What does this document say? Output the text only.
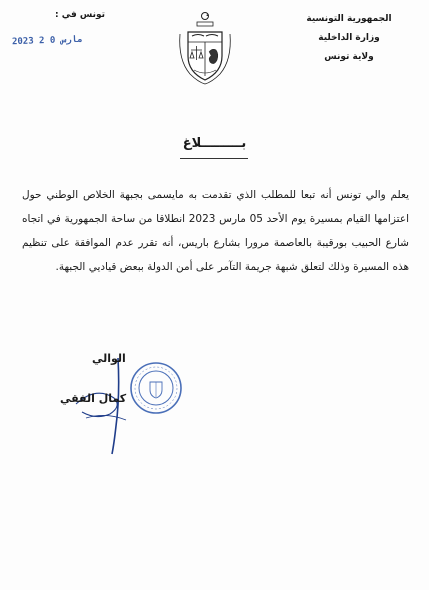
الجمهورية التونسية
وزارة الداخلية
ولاية تونس
تونس في :
2023 مارس 0 2
بـــــــــلاغ
يعلم والي تونس أنه تبعا للمطلب الذي تقدمت به مايسمى بجبهة الخلاص الوطني حول اعتزامها القيام بمسيرة يوم الأحد 05 مارس 2023 انطلاقا من ساحة الجمهورية في اتجاه شارع الحبيب بورقيبة بالعاصمة مرورا بشارع باريس، أنه تقرر عدم الموافقة على تنظيم هذه المسيرة وذلك لتعلق شبهة جريمة التآمر على أمن الدولة ببعض قياديي الجبهة.
الوالي
كمال الفقي
